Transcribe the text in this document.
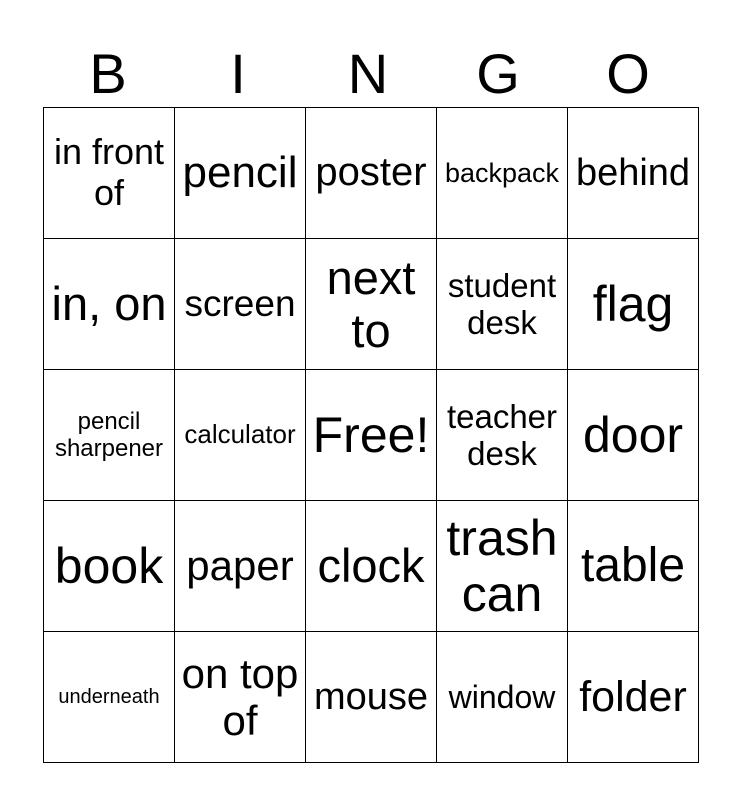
B	I	N	G	O
in front of	pencil	poster	backpack	behind

in, on	screen	next to	student desk	flag

pencil sharpener	calculator	Free!	teacher desk	door

book	paper	clock	trash can	table

underneath	on top of	mouse	window	folder
